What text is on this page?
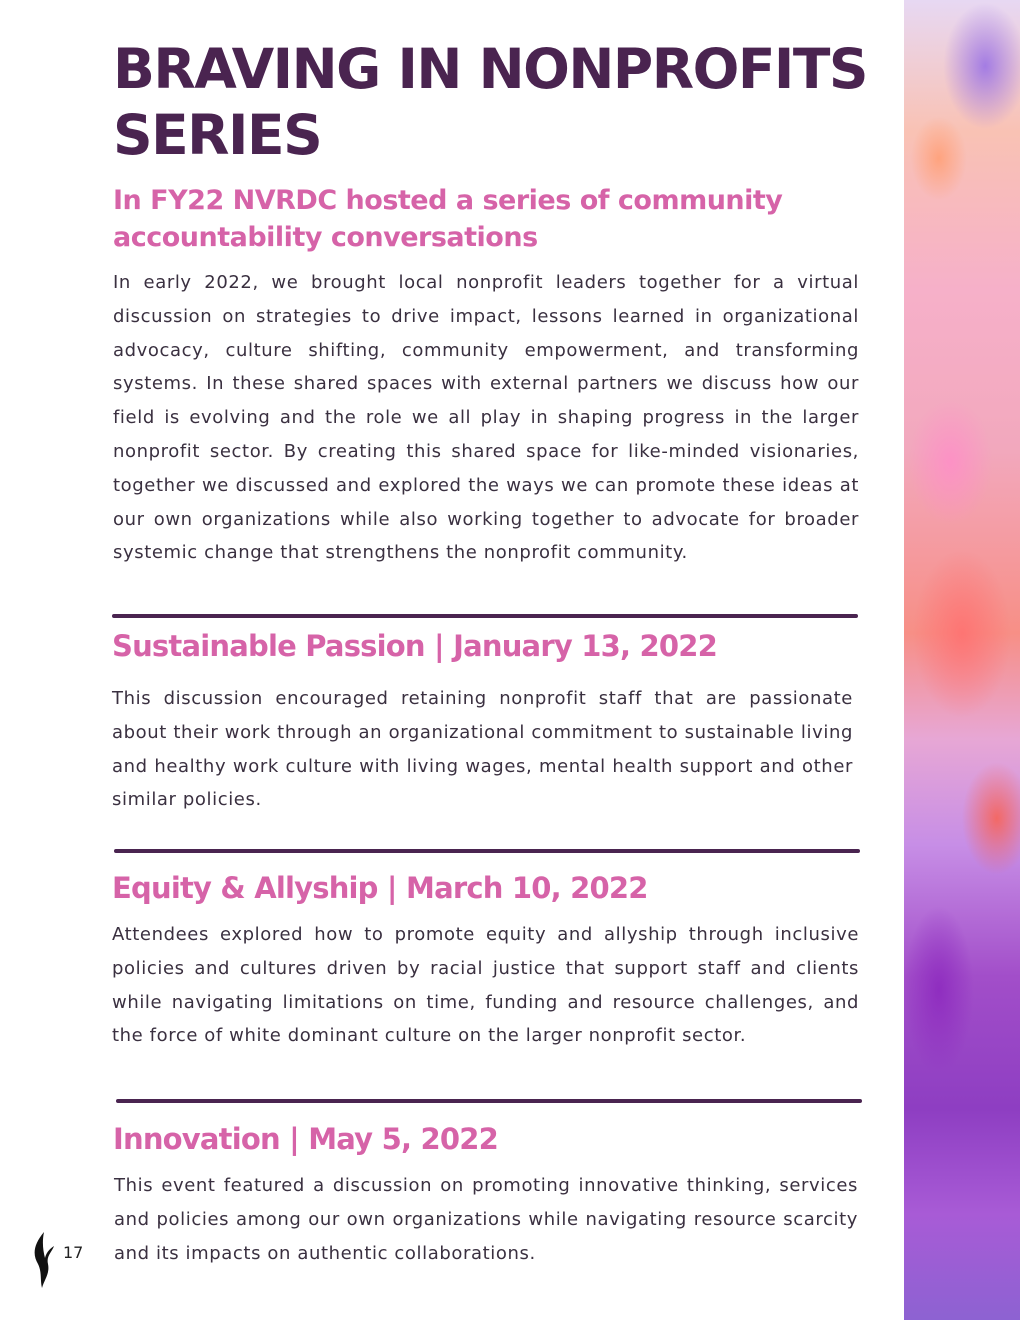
BRAVING IN NONPROFITS SERIES
In FY22 NVRDC hosted a series of community accountability conversations

In early 2022, we brought local nonprofit leaders together for a virtual discussion on strategies to drive impact, lessons learned in organizational advocacy, culture shifting, community empowerment, and transforming systems. In these shared spaces with external partners we discuss how our field is evolving and the role we all play in shaping progress in the larger nonprofit sector. By creating this shared space for like-minded visionaries, together we discussed and explored the ways we can promote these ideas at our own organizations while also working together to advocate for broader systemic change that strengthens the nonprofit community.

Sustainable Passion | January 13, 2022

This discussion encouraged retaining nonprofit staff that are passionate about their work through an organizational commitment to sustainable living and healthy work culture with living wages, mental health support and other similar policies.

Equity & Allyship | March 10, 2022

Attendees explored how to promote equity and allyship through inclusive policies and cultures driven by racial justice that support staff and clients while navigating limitations on time, funding and resource challenges, and the force of white dominant culture on the larger nonprofit sector.

Innovation | May 5, 2022

This event featured a discussion on promoting innovative thinking, services and policies among our own organizations while navigating resource scarcity and its impacts on authentic collaborations.

17
